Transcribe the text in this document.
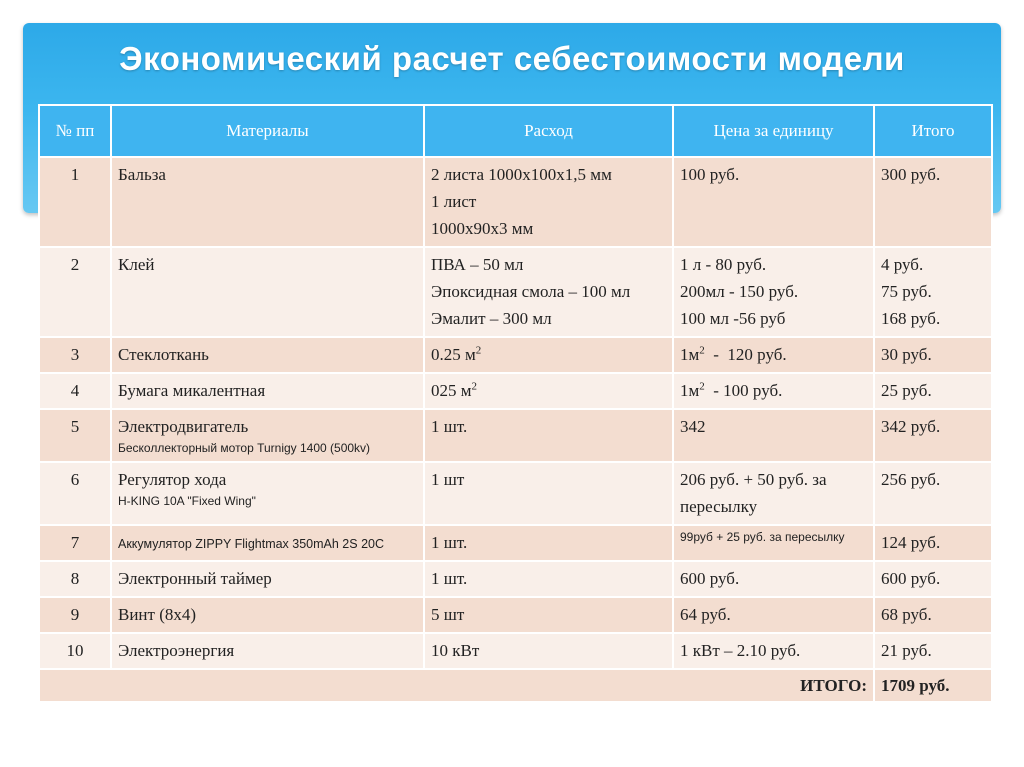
Экономический расчет себестоимости модели
№ пп	Материалы	Расход	Цена за единицу	Итого
1	Бальза	2 листа 1000х100х1,5 мм
1 лист
1000х90х3 мм	100 руб.	300 руб.
2	Клей	ПВА – 50 мл
Эпоксидная смола – 100 мл
Эмалит – 300 мл	1 л - 80 руб.
200мл - 150 руб.
100 мл -56 руб	4 руб.
75 руб.
168 руб.

3	Стеклоткань	0.25 $м^2$	$1м^2 - 120$ руб.	30 руб.
4	Бумага микалентная	025 $м^2$	$1м^2 - 100$ руб.	25 руб.
5	Электродвигатель
Бесколлекторный мотор Turnigy 1400 (500kv)	1 шт.	342	342 руб.
6	Регулятор хода
H-KING 10A "Fixed Wing"	1 шт	206 руб. + 50 руб. за пересылку	256 руб.
7	Аккумулятор ZIPPY Flightmax 350mAh 2S 20C	1 шт.	99руб + 25 руб. за пересылку	124 руб.
8	Электронный таймер	1 шт.	600 руб.	600 руб.
9	Винт (8х4)	5 шт	64 руб.	68 руб.
10	Электроэнергия	10 кВт	1 кВт – 2.10 руб.	21 руб.
ИТОГО:				1709 руб.
